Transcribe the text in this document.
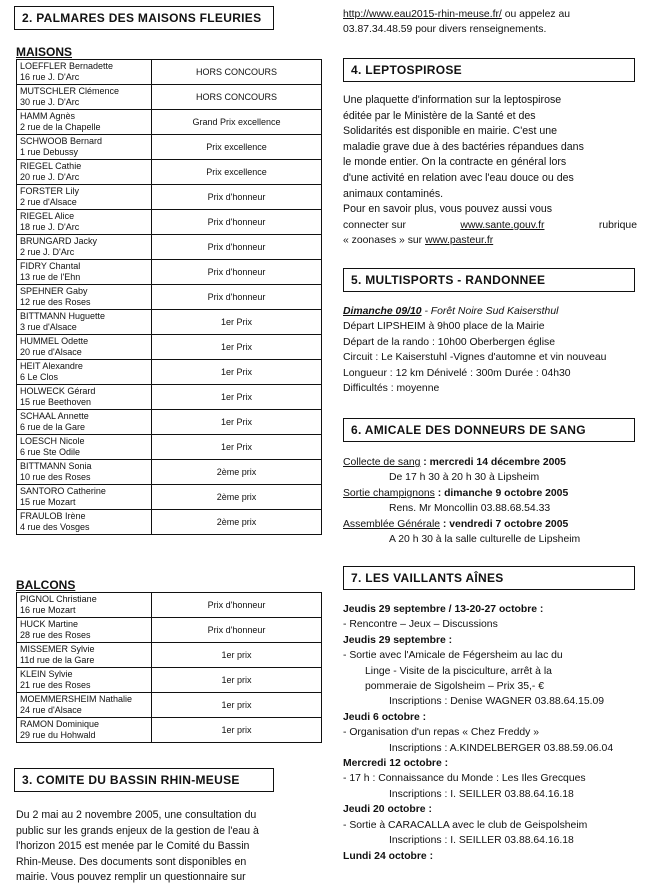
2. PALMARES DES MAISONS FLEURIES

MAISONS

LOEFFLER Bernadette
16 rue J. D'Arc	HORS CONCOURS

MUTSCHLER Clémence
30 rue J. D'Arc	HORS CONCOURS

HAMM Agnès
2 rue de la Chapelle	Grand Prix excellence

SCHWOOB Bernard
1 rue Debussy	Prix excellence

RIEGEL Cathie
20 rue J. D'Arc	Prix excellence

FORSTER Lily
2 rue d'Alsace	Prix d'honneur

RIEGEL Alice
18 rue J. D'Arc	Prix d'honneur

BRUNGARD Jacky
2 rue J. D'Arc	Prix d'honneur

FIDRY Chantal
13 rue de l'Ehn	Prix d'honneur

SPEHNER Gaby
12 rue des Roses	Prix d'honneur

BITTMANN Huguette
3 rue d'Alsace	1er Prix

HUMMEL Odette
20 rue d'Alsace	1er Prix

HEIT Alexandre
6 Le Clos	1er Prix

HOLWECK Gérard
15 rue Beethoven	1er Prix

SCHAAL Annette
6 rue de la Gare	1er Prix

LOESCH Nicole
6 rue Ste Odile	1er Prix

BITTMANN Sonia
10 rue des Roses	2ème prix

SANTORO Catherine
15 rue Mozart	2ème prix

FRAULOB Irène
4 rue des Vosges	2ème prix

BALCONS

PIGNOL Christiane
16 rue Mozart	Prix d'honneur

HUCK Martine
28 rue des Roses	Prix d'honneur

MISSEMER Sylvie
11d rue de la Gare	1er prix

KLEIN Sylvie
21 rue des Roses	1er prix

MOEMMERSHEIM Nathalie
24 rue d'Alsace	1er prix

RAMON Dominique
29 rue du Hohwald	1er prix
3. COMITE DU BASSIN RHIN-MEUSE

Du 2 mai au 2 novembre 2005, une consultation du

public sur les grands enjeux de la gestion de l'eau à

l'horizon 2015 est menée par le Comité du Bassin

Rhin-Meuse. Des documents sont disponibles en

mairie. Vous pouvez remplir un questionnaire sur

http://www.eau2015-rhin-meuse.fr/ ou appelez au

03.87.34.48.59 pour divers renseignements.

4. LEPTOSPIROSE

Une plaquette d'information sur la leptospirose

éditée par le Ministère de la Santé et des

Solidarités est disponible en mairie. C'est une

maladie grave due à des bactéries répandues dans

le monde entier. On la contracte en général lors

d'une activité en relation avec l'eau douce ou des

animaux contaminés.

Pour en savoir plus, vous pouvez aussi vous

connecter sur	www.sante.gouv.fr	rubrique

« zoonases » sur www.pasteur.fr

5. MULTISPORTS - RANDONNEE

Dimanche 09/10 - Forêt Noire Sud Kaisersthul

Départ LIPSHEIM à 9h00 place de la Mairie

Départ de la rando : 10h00 Oberbergen église

Circuit : Le Kaiserstuhl -Vignes d'automne et vin nouveau

Longueur : 12 km Dénivelé : 300m Durée : 04h30

Difficultés : moyenne

6. AMICALE DES DONNEURS DE SANG

Collecte de sang : mercredi 14 décembre 2005

De 17 h 30 à 20 h 30 à Lipsheim

Sortie champignons : dimanche 9 octobre 2005

Rens. Mr Moncollin 03.88.68.54.33

Assemblée Générale : vendredi 7 octobre 2005

A 20 h 30 à la salle culturelle de Lipsheim

7. LES VAILLANTS AÎNES

Jeudis 29 septembre / 13-20-27 octobre :

- Rencontre – Jeux – Discussions

Jeudis 29 septembre :

- Sortie avec l'Amicale de Fégersheim au lac du

Linge - Visite de la pisciculture, arrêt à la

pommeraie de Sigolsheim – Prix 35,- €

Inscriptions : Denise WAGNER 03.88.64.15.09

Jeudi 6 octobre :

- Organisation d'un repas « Chez Freddy »

Inscriptions : A.KINDELBERGER 03.88.59.06.04

Mercredi 12 octobre :

- 17 h : Connaissance du Monde : Les Iles Grecques

Inscriptions : I. SEILLER 03.88.64.16.18

Jeudi 20 octobre :

- Sortie à CARACALLA avec le club de Geispolsheim

Inscriptions : I. SEILLER 03.88.64.16.18

Lundi 24 octobre :
